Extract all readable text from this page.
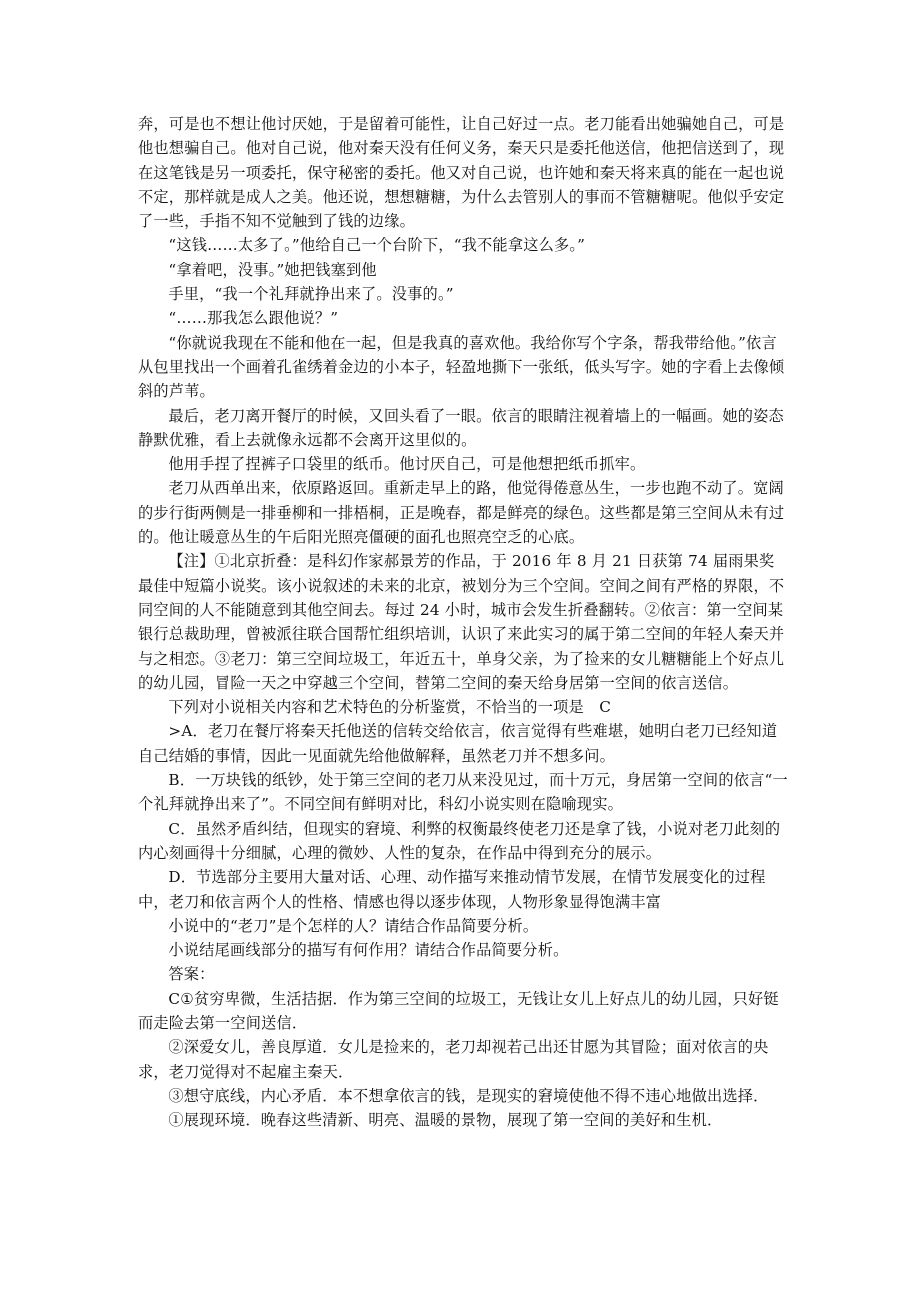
奔，可是也不想让他讨厌她，于是留着可能性，让自己好过一点。老刀能看出她骗她自己，可是他也想骗自己。他对自己说，他对秦天没有任何义务，秦天只是委托他送信，他把信送到了，现在这笔钱是另一项委托，保守秘密的委托。他又对自己说，也许她和秦天将来真的能在一起也说不定，那样就是成人之美。他还说，想想糖糖，为什么去管别人的事而不管糖糖呢。他似乎安定了一些，手指不知不觉触到了钱的边缘。

“这钱……太多了。”他给自己一个台阶下，“我不能拿这么多。”

“拿着吧，没事。”她把钱塞到他

手里，“我一个礼拜就挣出来了。没事的。”

“……那我怎么跟他说？”

“你就说我现在不能和他在一起，但是我真的喜欢他。我给你写个字条，帮我带给他。”依言从包里找出一个画着孔雀绣着金边的小本子，轻盈地撕下一张纸，低头写字。她的字看上去像倾斜的芦苇。

最后，老刀离开餐厅的时候，又回头看了一眼。依言的眼睛注视着墙上的一幅画。她的姿态静默优雅，看上去就像永远都不会离开这里似的。

他用手捏了捏裤子口袋里的纸币。他讨厌自己，可是他想把纸币抓牢。

老刀从西单出来，依原路返回。重新走早上的路，他觉得倦意丛生，一步也跑不动了。宽阔的步行街两侧是一排垂柳和一排梧桐，正是晚春，都是鲜亮的绿色。这些都是第三空间从未有过的。他让暖意丛生的午后阳光照亮僵硬的面孔也照亮空乏的心底。

【注】①北京折叠：是科幻作家郝景芳的作品，于 2016 年 8 月 21 日获第 74 届雨果奖最佳中短篇小说奖。该小说叙述的未来的北京，被划分为三个空间。空间之间有严格的界限，不同空间的人不能随意到其他空间去。每过 24 小时，城市会发生折叠翻转。②依言：第一空间某银行总裁助理，曾被派往联合国帮忙组织培训，认识了来此实习的属于第二空间的年轻人秦天并与之相恋。③老刀：第三空间垃圾工，年近五十，单身父亲，为了捡来的女儿糖糖能上个好点儿的幼儿园，冒险一天之中穿越三个空间，替第二空间的秦天给身居第一空间的依言送信。

下列对小说相关内容和艺术特色的分析鉴赏，不恰当的一项是　C

>A．老刀在餐厅将秦天托他送的信转交给依言，依言觉得有些难堪，她明白老刀已经知道自己结婚的事情，因此一见面就先给他做解释，虽然老刀并不想多问。

B．一万块钱的纸钞，处于第三空间的老刀从来没见过，而十万元，身居第一空间的依言“一个礼拜就挣出来了”。不同空间有鲜明对比，科幻小说实则在隐喻现实。

C．虽然矛盾纠结，但现实的窘境、利弊的权衡最终使老刀还是拿了钱，小说对老刀此刻的内心刻画得十分细腻，心理的微妙、人性的复杂，在作品中得到充分的展示。

D．节选部分主要用大量对话、心理、动作描写来推动情节发展，在情节发展变化的过程中，老刀和依言两个人的性格、情感也得以逐步体现，人物形象显得饱满丰富

小说中的“老刀”是个怎样的人？请结合作品简要分析。

小说结尾画线部分的描写有何作用？请结合作品简要分析。

答案：

C①贫穷卑微，生活拮据．作为第三空间的垃圾工，无钱让女儿上好点儿的幼儿园，只好铤而走险去第一空间送信．

②深爱女儿，善良厚道．女儿是捡来的，老刀却视若己出还甘愿为其冒险；面对依言的央求，老刀觉得对不起雇主秦天．

③想守底线，内心矛盾．本不想拿依言的钱，是现实的窘境使他不得不违心地做出选择．

①展现环境．晚春这些清新、明亮、温暖的景物，展现了第一空间的美好和生机．
